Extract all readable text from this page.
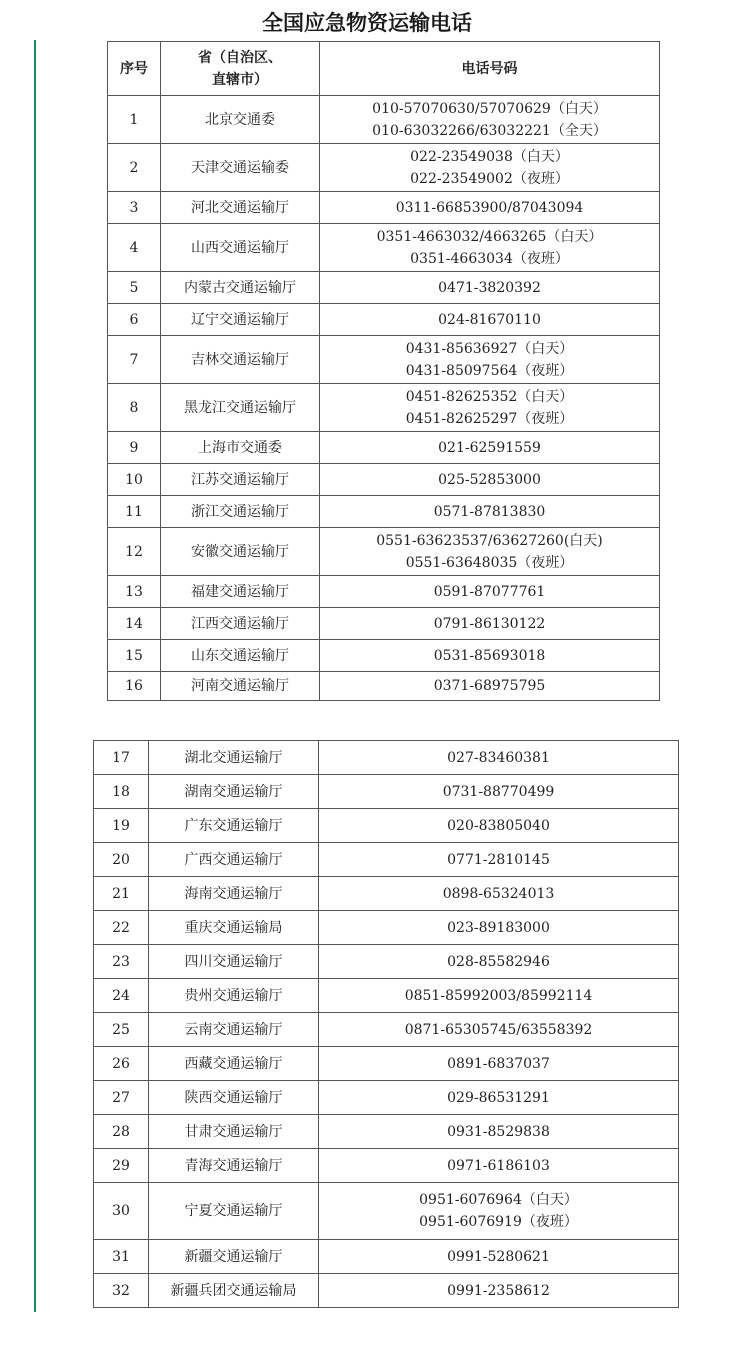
全国应急物资运输电话
序号	省（自治区、
直辖市）	电话号码
1	北京交通委	010-57070630/57070629（白天）
010-63032266/63032221（全天）

2	天津交通运输委	022-23549038（白天）
022-23549002（夜班）

3	河北交通运输厅	0311-66853900/87043094

4	山西交通运输厅	0351-4663032/4663265（白天）
0351-4663034（夜班）

5	内蒙古交通运输厅	0471-3820392

6	辽宁交通运输厅	024-81670110

7	吉林交通运输厅	0431-85636927（白天）
0431-85097564（夜班）

8	黑龙江交通运输厅	0451-82625352（白天）
0451-82625297（夜班）

9	上海市交通委	021-62591559

10	江苏交通运输厅	025-52853000

11	浙江交通运输厅	0571-87813830

12	安徽交通运输厅	0551-63623537/63627260(白天)
0551-63648035（夜班）

13	福建交通运输厅	0591-87077761

14	江西交通运输厅	0791-86130122

15	山东交通运输厅	0531-85693018

16	河南交通运输厅	0371-68975795
17	湖北交通运输厅	027-83460381

18	湖南交通运输厅	0731-88770499

19	广东交通运输厅	020-83805040

20	广西交通运输厅	0771-2810145

21	海南交通运输厅	0898-65324013

22	重庆交通运输局	023-89183000

23	四川交通运输厅	028-85582946

24	贵州交通运输厅	0851-85992003/85992114

25	云南交通运输厅	0871-65305745/63558392

26	西藏交通运输厅	0891-6837037

27	陕西交通运输厅	029-86531291

28	甘肃交通运输厅	0931-8529838

29	青海交通运输厅	0971-6186103

30	宁夏交通运输厅	0951-6076964（白天）
0951-6076919（夜班）

31	新疆交通运输厅	0991-5280621

32	新疆兵团交通运输局	0991-2358612
